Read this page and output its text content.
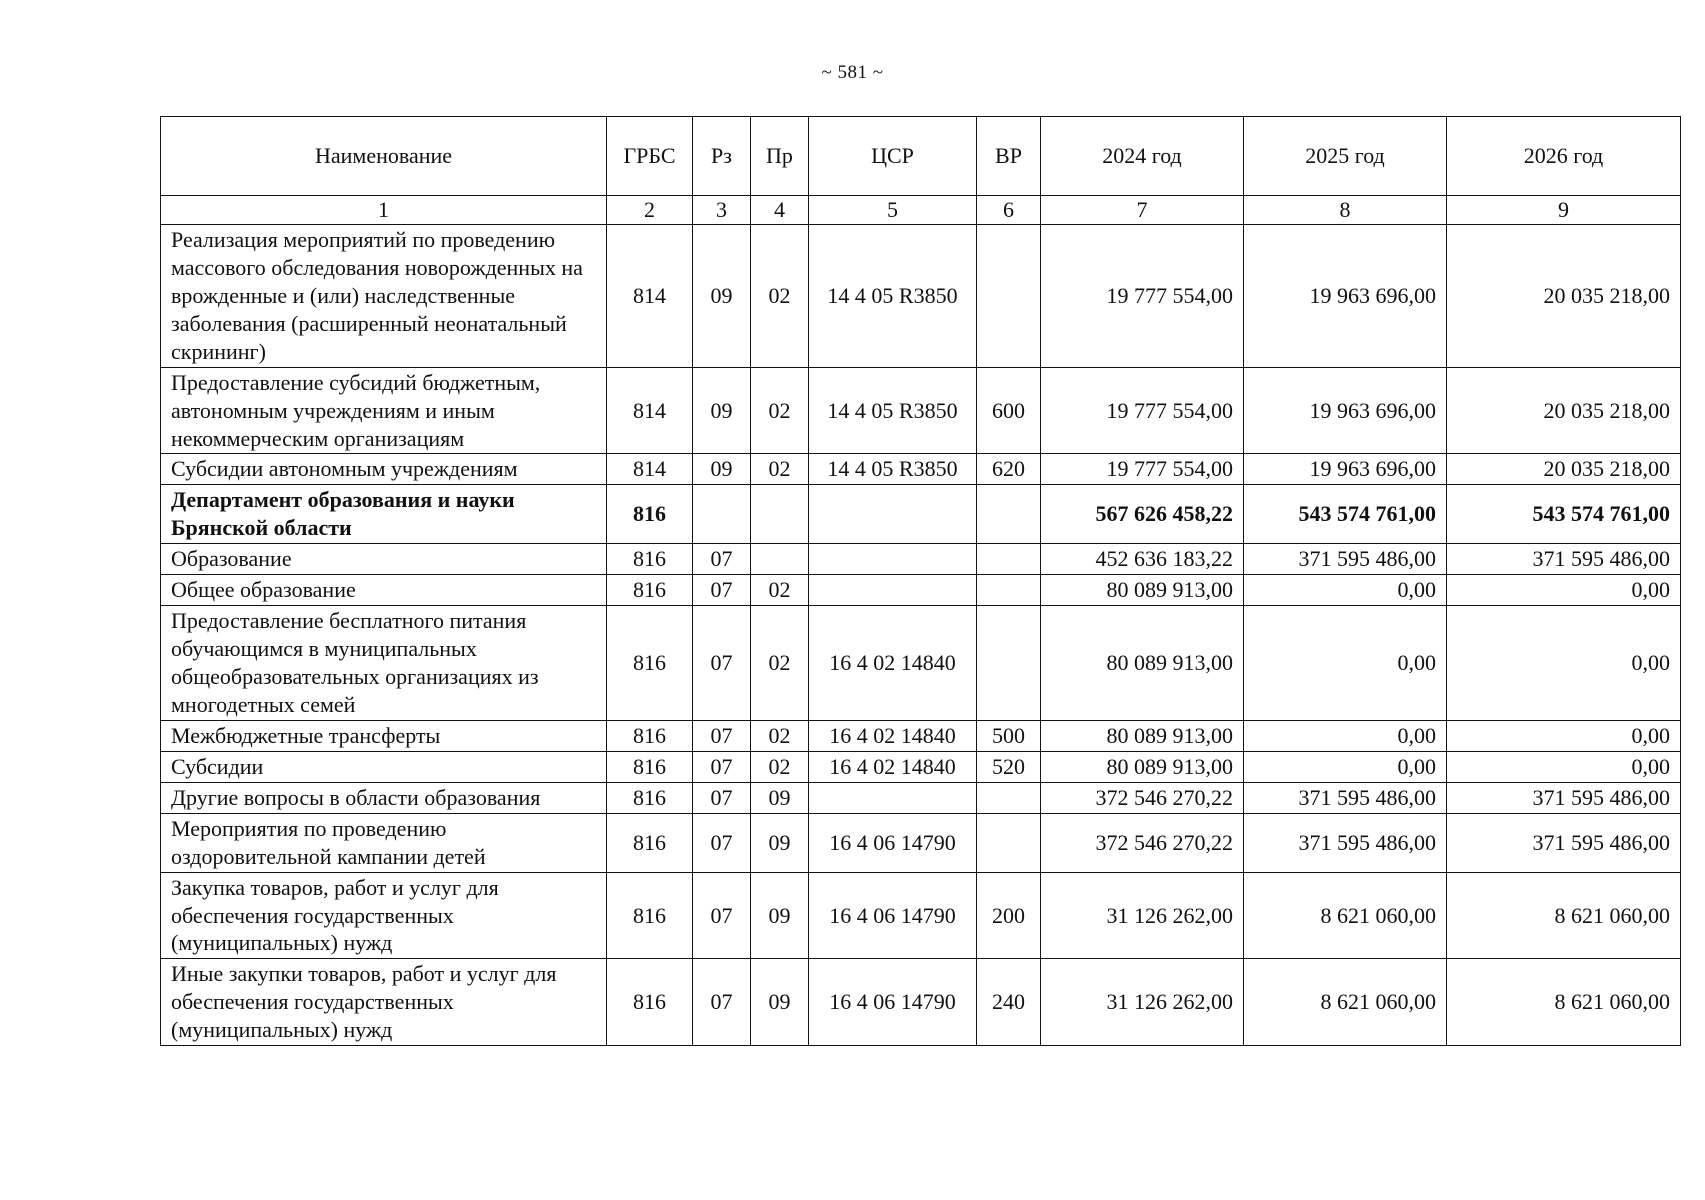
~ 581 ~
Наименование	ГРБС	Рз	Пр	ЦСР	ВР	2024 год	2025 год	2026 год
1	2	3	4	5	6	7	8	9
Реализация мероприятий по проведению массового обследования новорожденных на врожденные и (или) наследственные заболевания (расширенный неонатальный скрининг)	814	09	02	14 4 05 R3850		19 777 554,00	19 963 696,00	20 035 218,00
Предоставление субсидий бюджетным, автономным учреждениям и иным некоммерческим организациям	814	09	02	14 4 05 R3850	600	19 777 554,00	19 963 696,00	20 035 218,00
Субсидии автономным учреждениям	814	09	02	14 4 05 R3850	620	19 777 554,00	19 963 696,00	20 035 218,00
Департамент образования и науки Брянской области	816					567 626 458,22	543 574 761,00	543 574 761,00
Образование	816	07				452 636 183,22	371 595 486,00	371 595 486,00
Общее образование	816	07	02			80 089 913,00	0,00	0,00
Предоставление бесплатного питания обучающимся в муниципальных общеобразовательных организациях из многодетных семей	816	07	02	16 4 02 14840		80 089 913,00	0,00	0,00
Межбюджетные трансферты	816	07	02	16 4 02 14840	500	80 089 913,00	0,00	0,00
Субсидии	816	07	02	16 4 02 14840	520	80 089 913,00	0,00	0,00
Другие вопросы в области образования	816	07	09			372 546 270,22	371 595 486,00	371 595 486,00
Мероприятия по проведению оздоровительной кампании детей	816	07	09	16 4 06 14790		372 546 270,22	371 595 486,00	371 595 486,00
Закупка товаров, работ и услуг для обеспечения государственных (муниципальных) нужд	816	07	09	16 4 06 14790	200	31 126 262,00	8 621 060,00	8 621 060,00
Иные закупки товаров, работ и услуг для обеспечения государственных (муниципальных) нужд	816	07	09	16 4 06 14790	240	31 126 262,00	8 621 060,00	8 621 060,00
